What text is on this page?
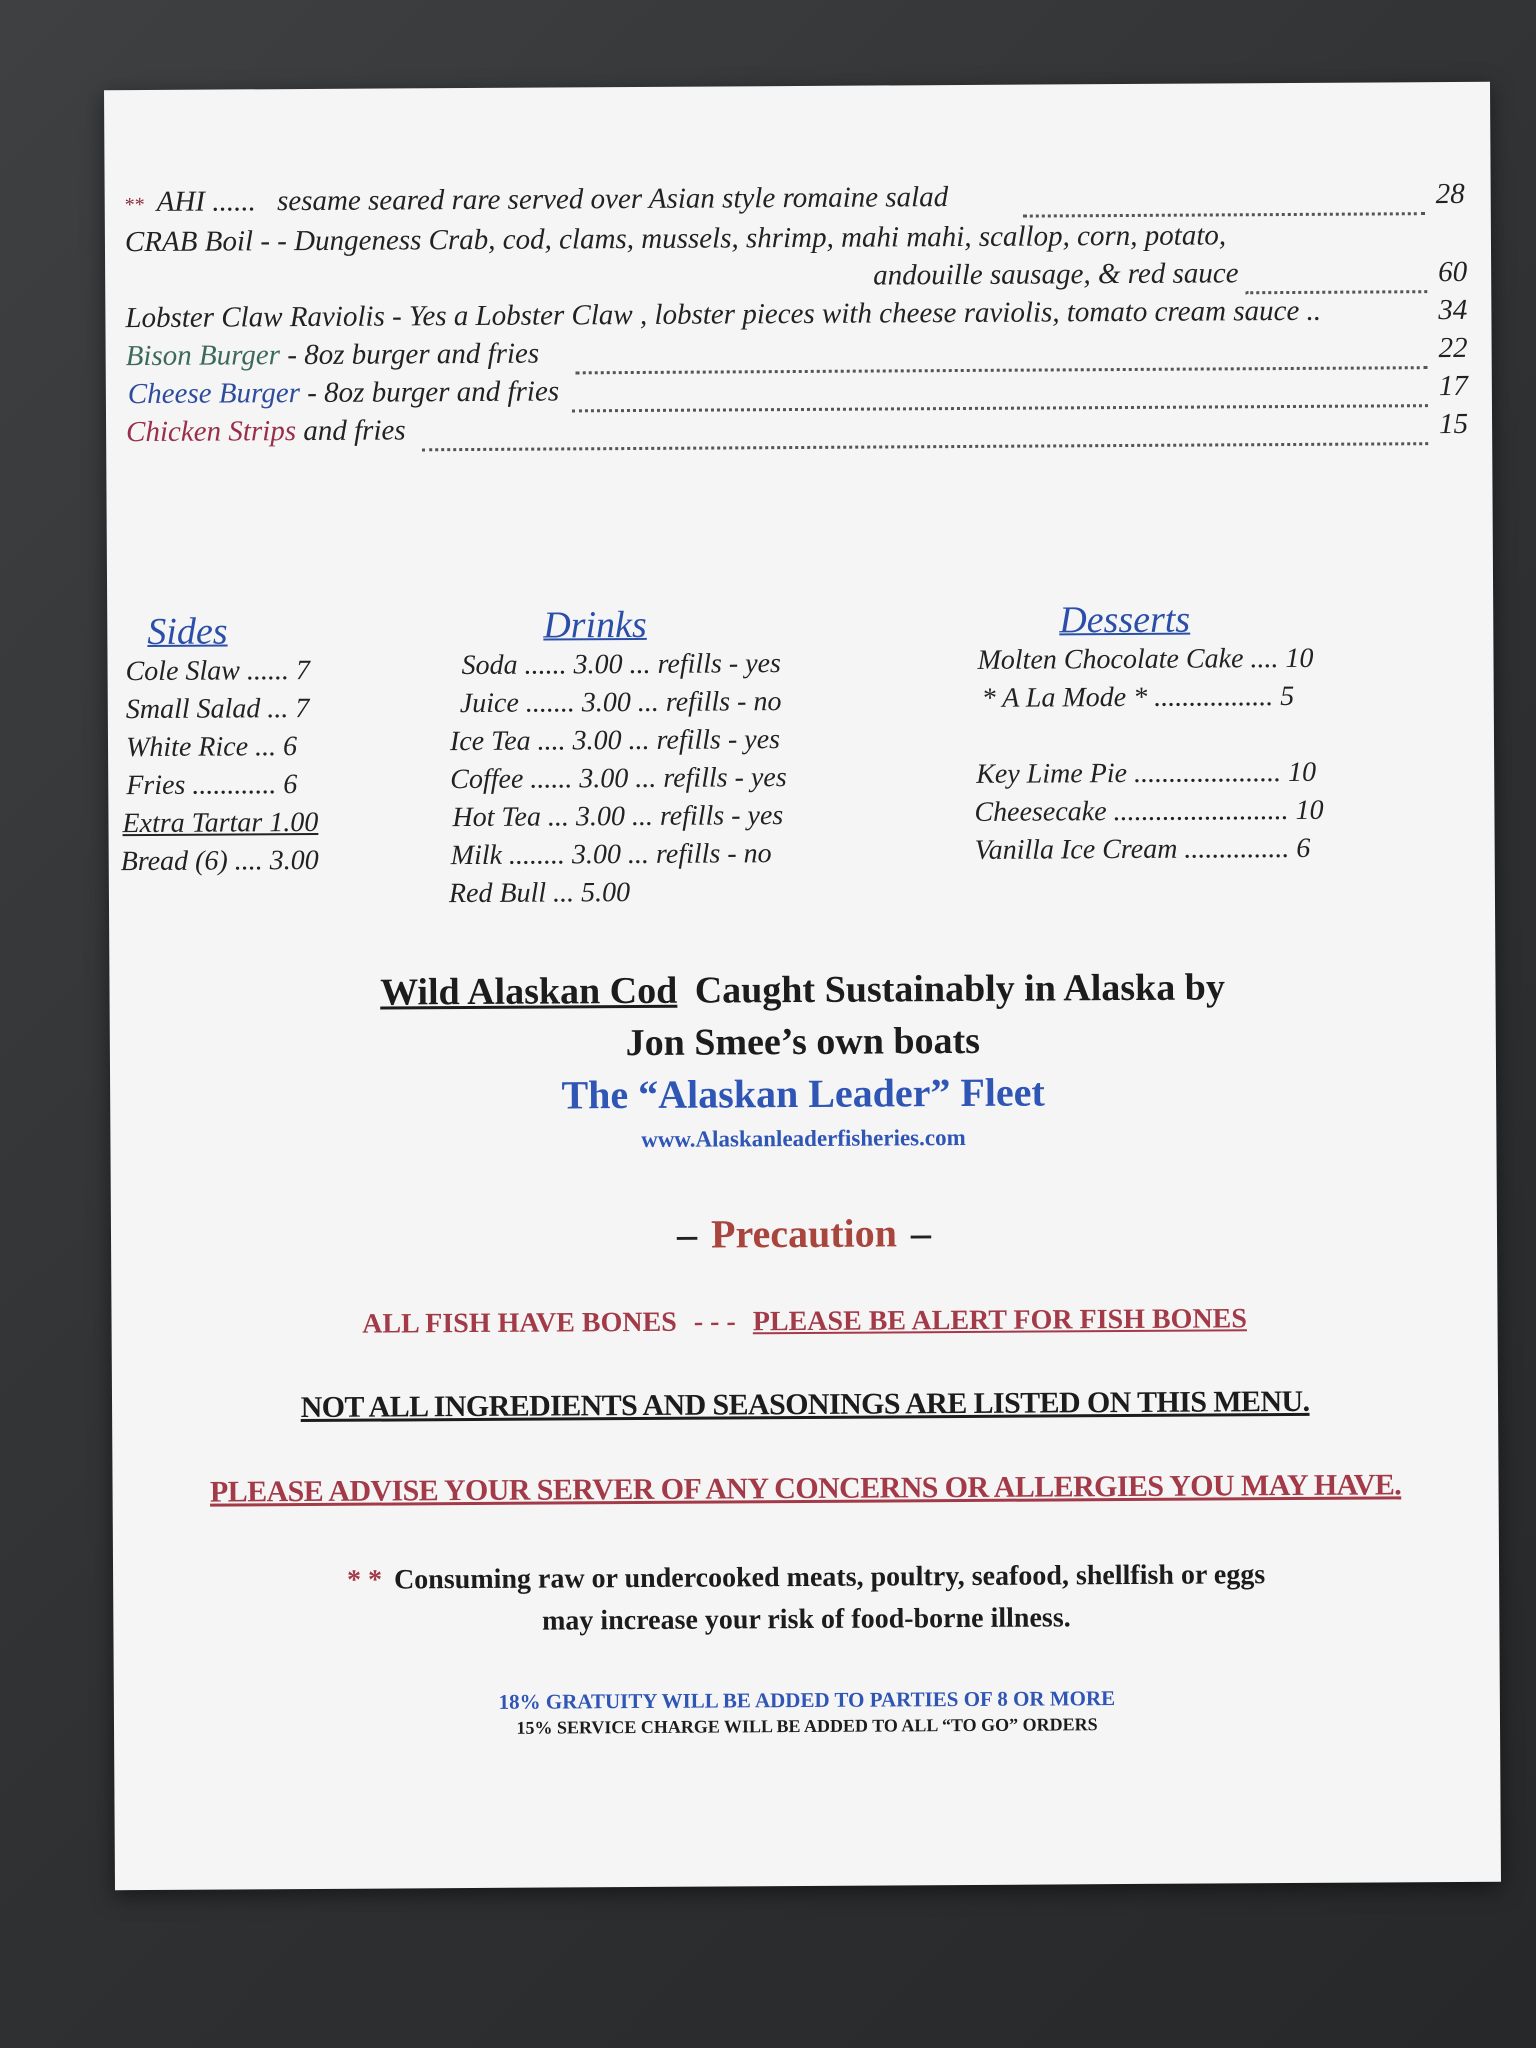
** AHI ...... sesame seared rare served over Asian style romaine salad	28
CRAB Boil - - Dungeness Crab, cod, clams, mussels, shrimp, mahi mahi, scallop, corn, potato,
andouille sausage, & red sauce	60
Lobster Claw Raviolis - Yes a Lobster Claw , lobster pieces with cheese raviolis, tomato cream sauce ..	34
Bison Burger - 8oz burger and fries	22
Cheese Burger - 8oz burger and fries	17
Chicken Strips and fries	15
Sides
Cole Slaw ...... 7
Small Salad ... 7
White Rice ... 6
Fries ............ 6
Extra Tartar 1.00
Bread (6) .... 3.00
Drinks
Soda ...... 3.00 ... refills - yes
Juice ....... 3.00 ... refills - no
Ice Tea .... 3.00 ... refills - yes
Coffee ...... 3.00 ... refills - yes
Hot Tea ... 3.00 ... refills - yes
Milk ........ 3.00 ... refills - no
Red Bull ... 5.00
Desserts
Molten Chocolate Cake .... 10
* A La Mode * ................. 5
Key Lime Pie ..................... 10
Cheesecake ......................... 10
Vanilla Ice Cream ............... 6
Wild Alaskan Cod Caught Sustainably in Alaska by
Jon Smee’s own boats
The “Alaskan Leader” Fleet
www.Alaskanleaderfisheries.com
– Precaution –
ALL FISH HAVE BONES - - - PLEASE BE ALERT FOR FISH BONES
NOT ALL INGREDIENTS AND SEASONINGS ARE LISTED ON THIS MENU.
PLEASE ADVISE YOUR SERVER OF ANY CONCERNS OR ALLERGIES YOU MAY HAVE.
* * Consuming raw or undercooked meats, poultry, seafood, shellfish or eggs
may increase your risk of food-borne illness.
18% GRATUITY WILL BE ADDED TO PARTIES OF 8 OR MORE
15% SERVICE CHARGE WILL BE ADDED TO ALL “TO GO” ORDERS
